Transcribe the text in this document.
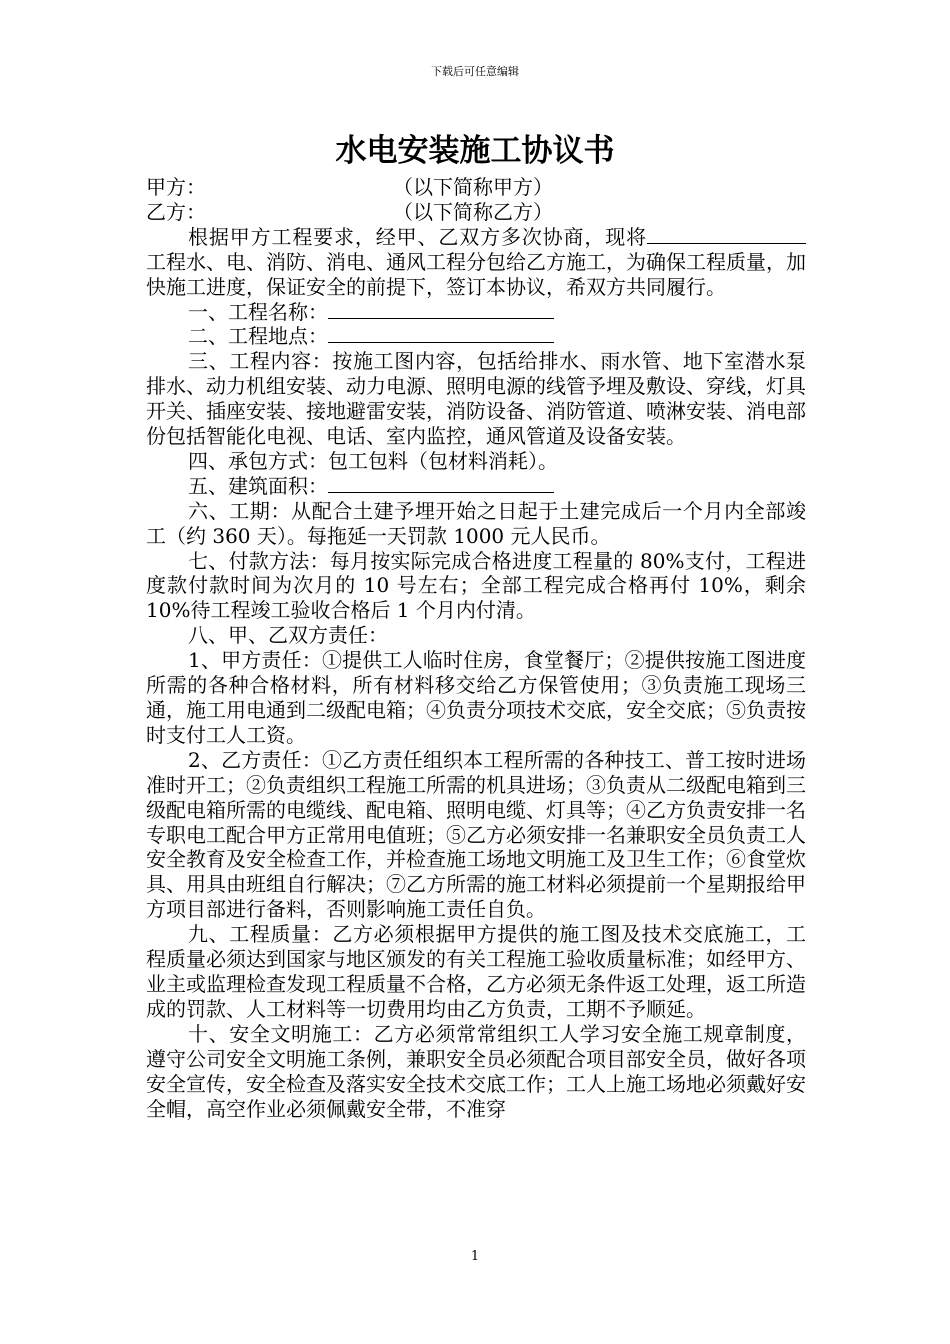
下载后可任意编辑
水电安装施工协议书
甲方：	（以下简称甲方）
乙方：	（以下简称乙方）

根据甲方工程要求，经甲、乙双方多次协商，现将工程水、电、消防、消电、通风工程分包给乙方施工，为确保工程质量，加快施工进度，保证安全的前提下，签订本协议，希双方共同履行。

一、工程名称：

二、工程地点：

三、工程内容：按施工图内容，包括给排水、雨水管、地下室潜水泵排水、动力机组安装、动力电源、照明电源的线管予埋及敷设、穿线，灯具开关、插座安装、接地避雷安装，消防设备、消防管道、喷淋安装、消电部份包括智能化电视、电话、室内监控，通风管道及设备安装。

四、承包方式：包工包料（包材料消耗）。

五、建筑面积：

六、工期：从配合土建予埋开始之日起于土建完成后一个月内全部竣工（约 360 天）。每拖延一天罚款 1000 元人民币。

七、付款方法：每月按实际完成合格进度工程量的 80%支付，工程进度款付款时间为次月的 10 号左右；全部工程完成合格再付 10%，剩余 10%待工程竣工验收合格后 1 个月内付清。

八、甲、乙双方责任：

1、甲方责任：①提供工人临时住房，食堂餐厅；②提供按施工图进度所需的各种合格材料，所有材料移交给乙方保管使用；③负责施工现场三通，施工用电通到二级配电箱；④负责分项技术交底，安全交底；⑤负责按时支付工人工资。

2、乙方责任：①乙方责任组织本工程所需的各种技工、普工按时进场准时开工；②负责组织工程施工所需的机具进场；③负责从二级配电箱到三级配电箱所需的电缆线、配电箱、照明电缆、灯具等；④乙方负责安排一名专职电工配合甲方正常用电值班；⑤乙方必须安排一名兼职安全员负责工人安全教育及安全检查工作，并检查施工场地文明施工及卫生工作；⑥食堂炊具、用具由班组自行解决；⑦乙方所需的施工材料必须提前一个星期报给甲方项目部进行备料，否则影响施工责任自负。

九、工程质量：乙方必须根据甲方提供的施工图及技术交底施工，工程质量必须达到国家与地区颁发的有关工程施工验收质量标准；如经甲方、业主或监理检查发现工程质量不合格，乙方必须无条件返工处理，返工所造成的罚款、人工材料等一切费用均由乙方负责，工期不予顺延。

十、安全文明施工：乙方必须常常组织工人学习安全施工规章制度，遵守公司安全文明施工条例，兼职安全员必须配合项目部安全员，做好各项安全宣传，安全检查及落实安全技术交底工作；工人上施工场地必须戴好安全帽，高空作业必须佩戴安全带，不准穿

1
